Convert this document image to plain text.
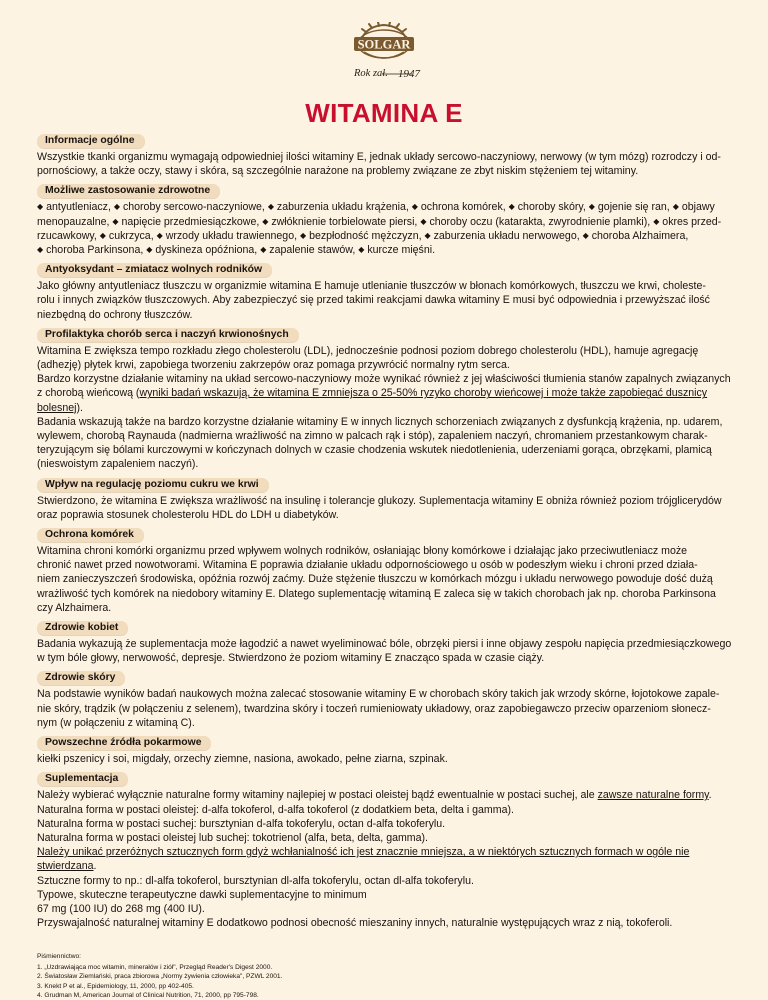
SOLGAR
Rok zał. 1947
WITAMINA E
Informacje ogólne

Wszystkie tkanki organizmu wymagają odpowiedniej ilości witaminy E, jednak układy sercowo-naczyniowy, nerwowy (w tym mózg) rozrodczy i od-
pornościowy, a także oczy, stawy i skóra, są szczególnie narażone na problemy związane ze zbyt niskim stężeniem tej witaminy.

Możliwe zastosowanie zdrowotne

◆ antyutleniacz, ◆ choroby sercowo-naczyniowe, ◆ zaburzenia układu krążenia, ◆ ochrona komórek, ◆ choroby skóry, ◆ gojenie się ran, ◆ objawy
menopauzalne, ◆ napięcie przedmiesiączkowe, ◆ zwłóknienie torbielowate piersi, ◆ choroby oczu (katarakta, zwyrodnienie plamki), ◆ okres przed-
rzucawkowy, ◆ cukrzyca, ◆ wrzody układu trawiennego, ◆ bezpłodność mężczyzn, ◆ zaburzenia układu nerwowego, ◆ choroba Alzhaimera,
◆ choroba Parkinsona, ◆ dyskineza opóźniona, ◆ zapalenie stawów, ◆ kurcze mięśni.

Antyoksydant – zmiatacz wolnych rodników

Jako główny antyutleniacz tłuszczu w organizmie witamina E hamuje utlenianie tłuszczów w błonach komórkowych, tłuszczu we krwi, choleste-
rolu i innych związków tłuszczowych. Aby zabezpieczyć się przed takimi reakcjami dawka witaminy E musi być odpowiednia i przewyższać ilość
niezbędną do ochrony tłuszczów.

Profilaktyka chorób serca i naczyń krwionośnych

Witamina E zwiększa tempo rozkładu złego cholesterolu (LDL), jednocześnie podnosi poziom dobrego cholesterolu (HDL), hamuje agregację
(adhezję) płytek krwi, zapobiega tworzeniu zakrzepów oraz pomaga przywrócić normalny rytm serca.
Bardzo korzystne działanie witaminy na układ sercowo-naczyniowy może wynikać również z jej właściwości tłumienia stanów zapalnych związanych
z chorobą wieńcową (wyniki badań wskazują, że witamina E zmniejsza o 25-50% ryzyko choroby wieńcowej i może także zapobiegać dusznicy
bolesnej).
Badania wskazują także na bardzo korzystne działanie witaminy E w innych licznych schorzeniach związanych z dysfunkcją krążenia, np. udarem,
wylewem, chorobą Raynauda (nadmierna wrażliwość na zimno w palcach rąk i stóp), zapaleniem naczyń, chromaniem przestankowym charak-
teryzującym się bólami kurczowymi w kończynach dolnych w czasie chodzenia wskutek niedotlenienia, uderzeniami gorąca, obrzękami, plamicą
(nieswoistym zapaleniem naczyń).

Wpływ na regulację poziomu cukru we krwi

Stwierdzono, że witamina E zwiększa wrażliwość na insulinę i tolerancje glukozy. Suplementacja witaminy E obniża również poziom trójglicerydów
oraz poprawia stosunek cholesterolu HDL do LDH u diabetyków.

Ochrona komórek

Witamina chroni komórki organizmu przed wpływem wolnych rodników, osłaniając błony komórkowe i działając jako przeciwutleniacz może
chronić nawet przed nowotworami. Witamina E poprawia działanie układu odpornościowego u osób w podeszłym wieku i chroni przed działa-
niem zanieczyszczeń środowiska, opóźnia rozwój zaćmy. Duże stężenie tłuszczu w komórkach mózgu i układu nerwowego powoduje dość dużą
wrażliwość tych komórek na niedobory witaminy E. Dlatego suplementację witaminą E zaleca się w takich chorobach jak np. choroba Parkinsona
czy Alzhaimera.

Zdrowie kobiet

Badania wykazują że suplementacja może łagodzić a nawet wyeliminować bóle, obrzęki piersi i inne objawy zespołu napięcia przedmiesiączkowego
w tym bóle głowy, nerwowość, depresje. Stwierdzono że poziom witaminy E znacząco spada w czasie ciąży.

Zdrowie skóry

Na podstawie wyników badań naukowych można zalecać stosowanie witaminy E w chorobach skóry takich jak wrzody skórne, łojotokowe zapale-
nie skóry, trądzik (w połączeniu z selenem), twardzina skóry i toczeń rumieniowaty układowy, oraz zapobiegawczo przeciw oparzeniom słonecz-
nym (w połączeniu z witaminą C).

Powszechne źródła pokarmowe

kiełki pszenicy i soi, migdały, orzechy ziemne, nasiona, awokado, pełne ziarna, szpinak.

Suplementacja

Należy wybierać wyłącznie naturalne formy witaminy najlepiej w postaci oleistej bądź ewentualnie w postaci suchej, ale zawsze naturalne formy.
Naturalna forma w postaci oleistej: d-alfa tokoferol, d-alfa tokoferol (z dodatkiem beta, delta i gamma).
Naturalna forma w postaci suchej: bursztynian d-alfa tokoferylu, octan d-alfa tokoferylu.
Naturalna forma w postaci oleistej lub suchej: tokotrienol (alfa, beta, delta, gamma).
Należy unikać przeróżnych sztucznych form gdyż wchłanialność ich jest znacznie mniejsza, a w niektórych sztucznych formach w ogóle nie stwierdzana.
Sztuczne formy to np.: dl-alfa tokoferol, bursztynian dl-alfa tokoferylu, octan dl-alfa tokoferylu.
Typowe, skuteczne terapeutyczne dawki suplementacyjne to minimum
67 mg (100 IU) do 268 mg (400 IU).
Przyswajalność naturalnej witaminy E dodatkowo podnosi obecność mieszaniny innych, naturalnie występujących wraz z nią, tokoferoli.

Piśmiennictwo:
1. „Uzdrawiająca moc witamin, minerałów i ziół", Przegląd Reader's Digest 2000.
2. Światosław Ziemlański, praca zbiorowa „Normy żywienia człowieka", PZWL 2001.
3. Knekt P et al., Epidemiology, 11, 2000, pp 402-405.
4. Grudman M, American Journal of Clinical Nutrition, 71, 2000, pp 795-798.
